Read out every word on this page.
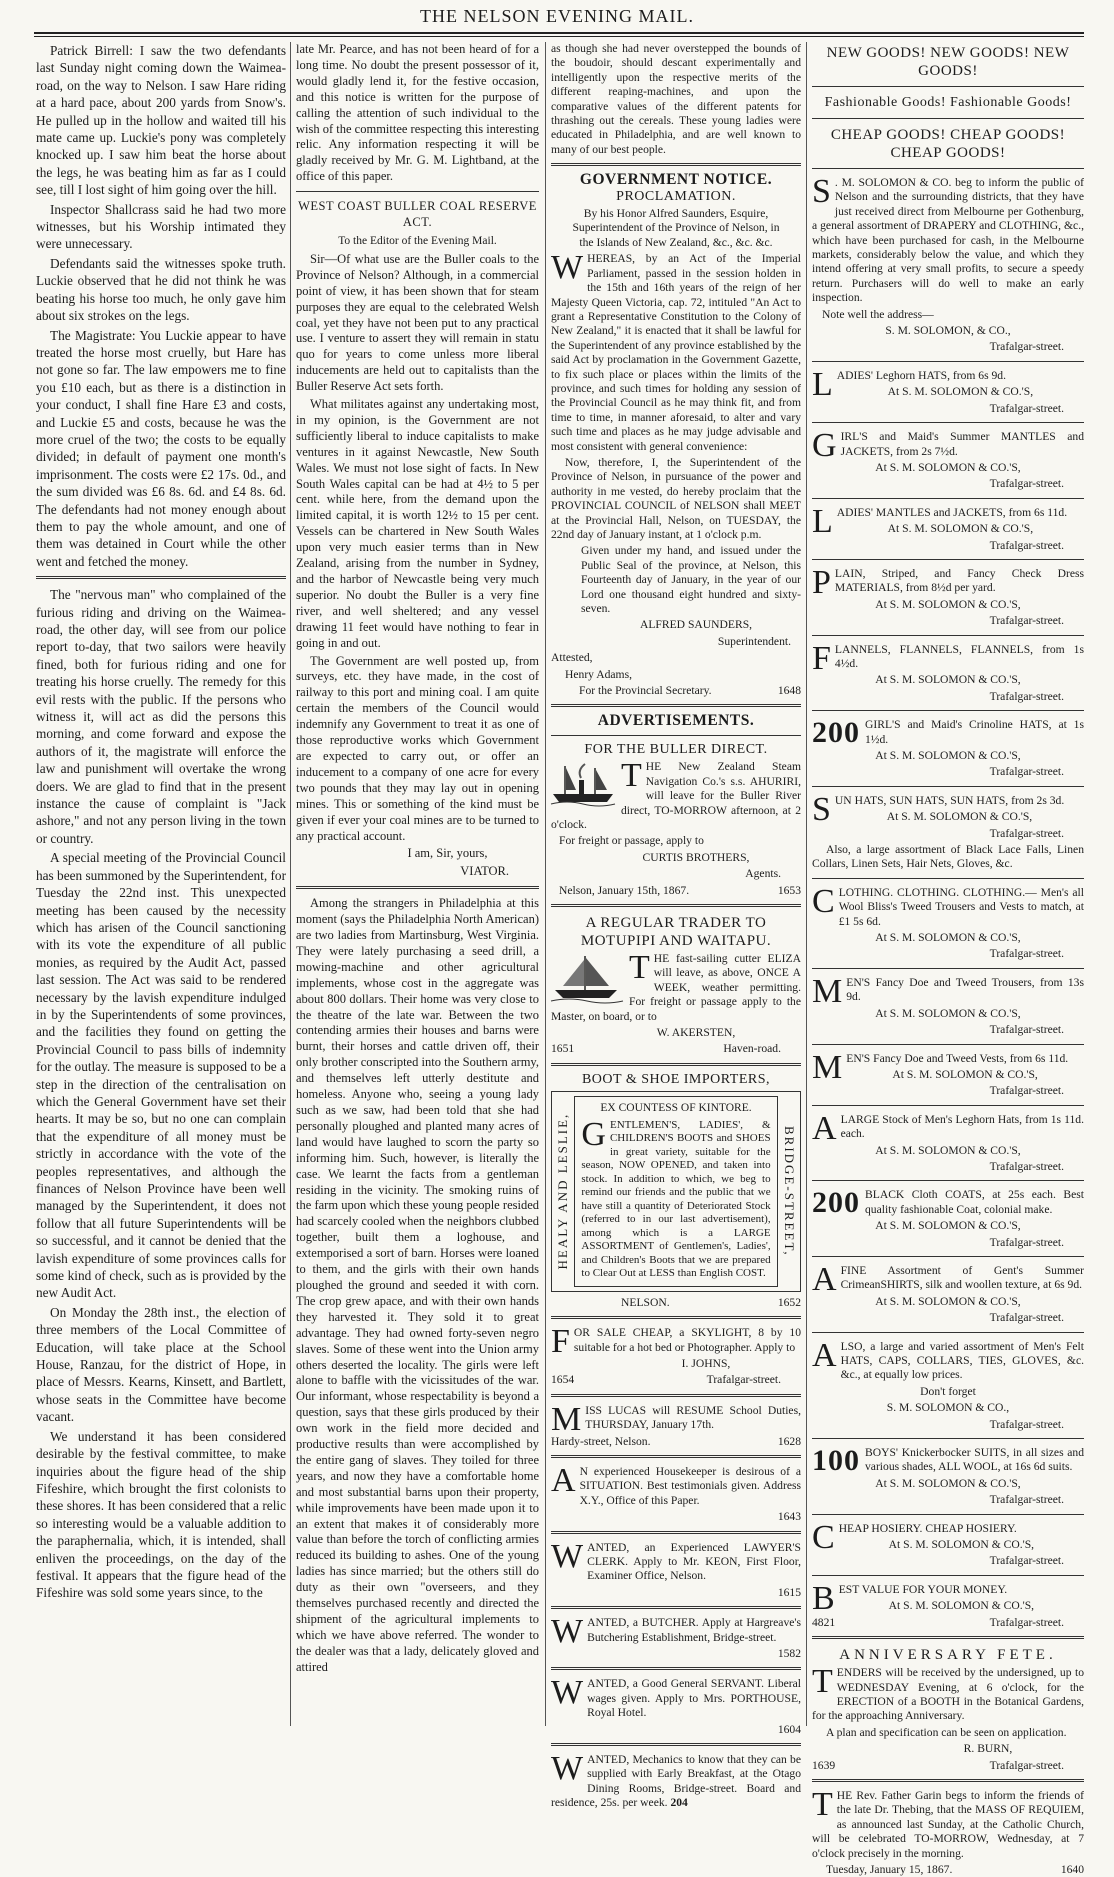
THE NELSON EVENING MAIL.

Patrick Birrell: I saw the two defendants last Sunday night coming down the Waimea-road, on the way to Nelson. I saw Hare riding at a hard pace, about 200 yards from Snow's. He pulled up in the hollow and waited till his mate came up. Luckie's pony was completely knocked up. I saw him beat the horse about the legs, he was beating him as far as I could see, till I lost sight of him going over the hill.

Inspector Shallcrass said he had two more witnesses, but his Worship intimated they were unnecessary.

Defendants said the witnesses spoke truth. Luckie observed that he did not think he was beating his horse too much, he only gave him about six strokes on the legs.

The Magistrate: You Luckie appear to have treated the horse most cruelly, but Hare has not gone so far. The law empowers me to fine you £10 each, but as there is a distinction in your conduct, I shall fine Hare £3 and costs, and Luckie £5 and costs, because he was the more cruel of the two; the costs to be equally divided; in default of payment one month's imprisonment. The costs were £2 17s. 0d., and the sum divided was £6 8s. 6d. and £4 8s. 6d. The defendants had not money enough about them to pay the whole amount, and one of them was detained in Court while the other went and fetched the money.

The "nervous man" who complained of the furious riding and driving on the Waimea-road, the other day, will see from our police report to-day, that two sailors were heavily fined, both for furious riding and one for treating his horse cruelly. The remedy for this evil rests with the public. If the persons who witness it, will act as did the persons this morning, and come forward and expose the authors of it, the magistrate will enforce the law and punishment will overtake the wrong doers. We are glad to find that in the present instance the cause of complaint is "Jack ashore," and not any person living in the town or country.

A special meeting of the Provincial Council has been summoned by the Superintendent, for Tuesday the 22nd inst. This unexpected meeting has been caused by the necessity which has arisen of the Council sanctioning with its vote the expenditure of all public monies, as required by the Audit Act, passed last session. The Act was said to be rendered necessary by the lavish expenditure indulged in by the Superintendents of some provinces, and the facilities they found on getting the Provincial Council to pass bills of indemnity for the outlay. The measure is supposed to be a step in the direction of the centralisation on which the General Government have set their hearts. It may be so, but no one can complain that the expenditure of all money must be strictly in accordance with the vote of the peoples representatives, and although the finances of Nelson Province have been well managed by the Superintendent, it does not follow that all future Superintendents will be so successful, and it cannot be denied that the lavish expenditure of some provinces calls for some kind of check, such as is provided by the new Audit Act.

On Monday the 28th inst., the election of three members of the Local Committee of Education, will take place at the School House, Ranzau, for the district of Hope, in place of Messrs. Kearns, Kinsett, and Bartlett, whose seats in the Committee have become vacant.

We understand it has been considered desirable by the festival committee, to make inquiries about the figure head of the ship Fifeshire, which brought the first colonists to these shores. It has been considered that a relic so interesting would be a valuable addition to the paraphernalia, which, it is intended, shall enliven the proceedings, on the day of the festival. It appears that the figure head of the Fifeshire was sold some years since, to the

late Mr. Pearce, and has not been heard of for a long time. No doubt the present possessor of it, would gladly lend it, for the festive occasion, and this notice is written for the purpose of calling the attention of such individual to the wish of the committee respecting this interesting relic. Any information respecting it will be gladly received by Mr. G. M. Lightband, at the office of this paper.

WEST COAST BULLER COAL RESERVE ACT.

To the Editor of the Evening Mail.

Sir—Of what use are the Buller coals to the Province of Nelson? Although, in a commercial point of view, it has been shown that for steam purposes they are equal to the celebrated Welsh coal, yet they have not been put to any practical use. I venture to assert they will remain in statu quo for years to come unless more liberal inducements are held out to capitalists than the Buller Reserve Act sets forth.

What militates against any undertaking most, in my opinion, is the Government are not sufficiently liberal to induce capitalists to make ventures in it against Newcastle, New South Wales. We must not lose sight of facts. In New South Wales capital can be had at 4½ to 5 per cent. while here, from the demand upon the limited capital, it is worth 12½ to 15 per cent. Vessels can be chartered in New South Wales upon very much easier terms than in New Zealand, arising from the number in Sydney, and the harbor of Newcastle being very much superior. No doubt the Buller is a very fine river, and well sheltered; and any vessel drawing 11 feet would have nothing to fear in going in and out.

The Government are well posted up, from surveys, etc. they have made, in the cost of railway to this port and mining coal. I am quite certain the members of the Council would indemnify any Government to treat it as one of those reproductive works which Government are expected to carry out, or offer an inducement to a company of one acre for every two pounds that they may lay out in opening mines. This or something of the kind must be given if ever your coal mines are to be turned to any practical account.

I am, Sir, yours,

VIATOR.

Among the strangers in Philadelphia at this moment (says the Philadelphia North American) are two ladies from Martinsburg, West Virginia. They were lately purchasing a seed drill, a mowing-machine and other agricultural implements, whose cost in the aggregate was about 800 dollars. Their home was very close to the theatre of the late war. Between the two contending armies their houses and barns were burnt, their horses and cattle driven off, their only brother conscripted into the Southern army, and themselves left utterly destitute and homeless. Anyone who, seeing a young lady such as we saw, had been told that she had personally ploughed and planted many acres of land would have laughed to scorn the party so informing him. Such, however, is literally the case. We learnt the facts from a gentleman residing in the vicinity. The smoking ruins of the farm upon which these young people resided had scarcely cooled when the neighbors clubbed together, built them a loghouse, and extemporised a sort of barn. Horses were loaned to them, and the girls with their own hands ploughed the ground and seeded it with corn. The crop grew apace, and with their own hands they harvested it. They sold it to great advantage. They had owned forty-seven negro slaves. Some of these went into the Union army others deserted the locality. The girls were left alone to baffle with the vicissitudes of the war. Our informant, whose respectability is beyond a question, says that these girls produced by their own work in the field more decided and productive results than were accomplished by the entire gang of slaves. They toiled for three years, and now they have a comfortable home and most substantial barns upon their property, while improvements have been made upon it to an extent that makes it of considerably more value than before the torch of conflicting armies reduced its building to ashes. One of the young ladies has since married; but the others still do duty as their own "overseers, and they themselves purchased recently and directed the shipment of the agricultural implements to which we have above referred. The wonder to the dealer was that a lady, delicately gloved and attired

as though she had never overstepped the bounds of the boudoir, should descant experimentally and intelligently upon the respective merits of the different reaping-machines, and upon the comparative values of the different patents for thrashing out the cereals. These young ladies were educated in Philadelphia, and are well known to many of our best people.

GOVERNMENT NOTICE.
PROCLAMATION.

By his Honor Alfred Saunders, Esquire, Superintendent of the Province of Nelson, in the Islands of New Zealand, &c., &c. &c.

WHEREAS, by an Act of the Imperial Parliament, passed in the session holden in the 15th and 16th years of the reign of her Majesty Queen Victoria, cap. 72, intituled "An Act to grant a Representative Constitution to the Colony of New Zealand," it is enacted that it shall be lawful for the Superintendent of any province established by the said Act by proclamation in the Government Gazette, to fix such place or places within the limits of the province, and such times for holding any session of the Provincial Council as he may think fit, and from time to time, in manner aforesaid, to alter and vary such time and places as he may judge advisable and most consistent with general convenience:

Now, therefore, I, the Superintendent of the Province of Nelson, in pursuance of the power and authority in me vested, do hereby proclaim that the PROVINCIAL COUNCIL of NELSON shall MEET at the Provincial Hall, Nelson, on TUESDAY, the 22nd day of January instant, at 1 o'clock p.m.

Given under my hand, and issued under the Public Seal of the province, at Nelson, this Fourteenth day of January, in the year of our Lord one thousand eight hundred and sixty-seven.

ALFRED SAUNDERS,

Superintendent.

Attested,

Henry Adams,

For the Provincial Secretary.	1648
ADVERTISEMENTS.
FOR THE BULLER DIRECT.

THE New Zealand Steam Navigation Co.'s s.s. AHURIRI, will leave for the Buller River direct, TO-MORROW afternoon, at 2 o'clock.

For freight or passage, apply to

CURTIS BROTHERS,

Agents.

Nelson, January 15th, 1867.	1653
A REGULAR TRADER TO MOTUPIPI AND WAITAPU.

THE fast-sailing cutter ELIZA will leave, as above, ONCE A WEEK, weather permitting. For freight or passage apply to the Master, on board, or to

W. AKERSTEN,

1651	Haven-road.
BOOT & SHOE IMPORTERS,
HEALY AND LESLIE,
EX COUNTESS OF KINTORE.
GENTLEMEN'S, LADIES', & CHILDREN'S BOOTS and SHOES in great variety, suitable for the season, NOW OPENED, and taken into stock. In addition to which, we beg to remind our friends and the public that we have still a quantity of Deteriorated Stock (referred to in our last advertisement), among which is a LARGE ASSORTMENT of Gentlemen's, Ladies', and Children's Boots that we are prepared to Clear Out at LESS than English COST.
BRIDGE-STREET,
NELSON.	1652

FOR SALE CHEAP, a SKYLIGHT, 8 by 10 suitable for a hot bed or Photographer. Apply to

I. JOHNS,

1654	Trafalgar-street.

MISS LUCAS will RESUME School Duties, THURSDAY, January 17th.

Hardy-street, Nelson.	1628

A N experienced Housekeeper is desirous of a SITUATION. Best testimonials given. Address X.Y., Office of this Paper.

1643

WANTED, an Experienced LAWYER'S CLERK. Apply to Mr. KEON, First Floor, Examiner Office, Nelson.

1615

WANTED, a BUTCHER. Apply at Hargreave's Butchering Establishment, Bridge-street.

1582

WANTED, a Good General SERVANT. Liberal wages given. Apply to Mrs. PORTHOUSE, Royal Hotel.

1604

WANTED, Mechanics to know that they can be supplied with Early Breakfast, at the Otago Dining Rooms, Bridge-street. Board and residence, 25s. per week. 204

NEW GOODS! NEW GOODS! NEW GOODS!
Fashionable Goods! Fashionable Goods!
CHEAP GOODS! CHEAP GOODS! CHEAP GOODS!

S . M. SOLOMON & CO. beg to inform the public of Nelson and the surrounding districts, that they have just received direct from Melbourne per Gothenburg, a general assortment of DRAPERY and CLOTHING, &c., which have been purchased for cash, in the Melbourne markets, considerably below the value, and which they intend offering at very small profits, to secure a speedy return. Purchasers will do well to make an early inspection.

Note well the address—

S. M. SOLOMON, & CO.,

Trafalgar-street.

LADIES' Leghorn HATS, from 6s 9d.

At S. M. SOLOMON & CO.'S,

Trafalgar-street.

GIRL'S and Maid's Summer MANTLES and JACKETS, from 2s 7½d.

At S. M. SOLOMON & CO.'S,

Trafalgar-street.

LADIES' MANTLES and JACKETS, from 6s 11d.

At S. M. SOLOMON & CO.'S,

Trafalgar-street.

PLAIN, Striped, and Fancy Check Dress MATERIALS, from 8½d per yard.

At S. M. SOLOMON & CO.'S,

Trafalgar-street.

FLANNELS, FLANNELS, FLANNELS, from 1s 4½d.

At S. M. SOLOMON & CO.'S,

Trafalgar-street.

200 GIRL'S and Maid's Crinoline HATS, at 1s 1½d.

At S. M. SOLOMON & CO.'S,

Trafalgar-street.

SUN HATS, SUN HATS, SUN HATS, from 2s 3d.

At S. M. SOLOMON & CO.'S,

Trafalgar-street.

Also, a large assortment of Black Lace Falls, Linen Collars, Linen Sets, Hair Nets, Gloves, &c.

CLOTHING. CLOTHING. CLOTHING.— Men's all Wool Bliss's Tweed Trousers and Vests to match, at £1 5s 6d.

At S. M. SOLOMON & CO.'S,

Trafalgar-street.

MEN'S Fancy Doe and Tweed Trousers, from 13s 9d.

At S. M. SOLOMON & CO.'S,

Trafalgar-street.

MEN'S Fancy Doe and Tweed Vests, from 6s 11d.

At S. M. SOLOMON & CO.'S,

Trafalgar-street.

ALARGE Stock of Men's Leghorn Hats, from 1s 11d. each.

At S. M. SOLOMON & CO.'S,

Trafalgar-street.

200 BLACK Cloth COATS, at 25s each. Best quality fashionable Coat, colonial make.

At S. M. SOLOMON & CO.'S,

Trafalgar-street.

AFINE Assortment of Gent's Summer CrimeanSHIRTS, silk and woollen texture, at 6s 9d.

At S. M. SOLOMON & CO.'S,

Trafalgar-street.

ALSO, a large and varied assortment of Men's Felt HATS, CAPS, COLLARS, TIES, GLOVES, &c. &c., at equally low prices.

Don't forget

S. M. SOLOMON & CO.,

Trafalgar-street.

100 BOYS' Knickerbocker SUITS, in all sizes and various shades, ALL WOOL, at 16s 6d suits.

At S. M. SOLOMON & CO.'S,

Trafalgar-street.

CHEAP HOSIERY. CHEAP HOSIERY.

At S. M. SOLOMON & CO.'S,

Trafalgar-street.

BEST VALUE FOR YOUR MONEY.

At S. M. SOLOMON & CO.'S,

4821	Trafalgar-street.
ANNIVERSARY FETE.

TENDERS will be received by the undersigned, up to WEDNESDAY Evening, at 6 o'clock, for the ERECTION of a BOOTH in the Botanical Gardens, for the approaching Anniversary.

A plan and specification can be seen on application.

R. BURN,

1639	Trafalgar-street.

THE Rev. Father Garin begs to inform the friends of the late Dr. Thebing, that the MASS OF REQUIEM, as announced last Sunday, at the Catholic Church, will be celebrated TO-MORROW, Wednesday, at 7 o'clock precisely in the morning.

Tuesday, January 15, 1867.	1640
